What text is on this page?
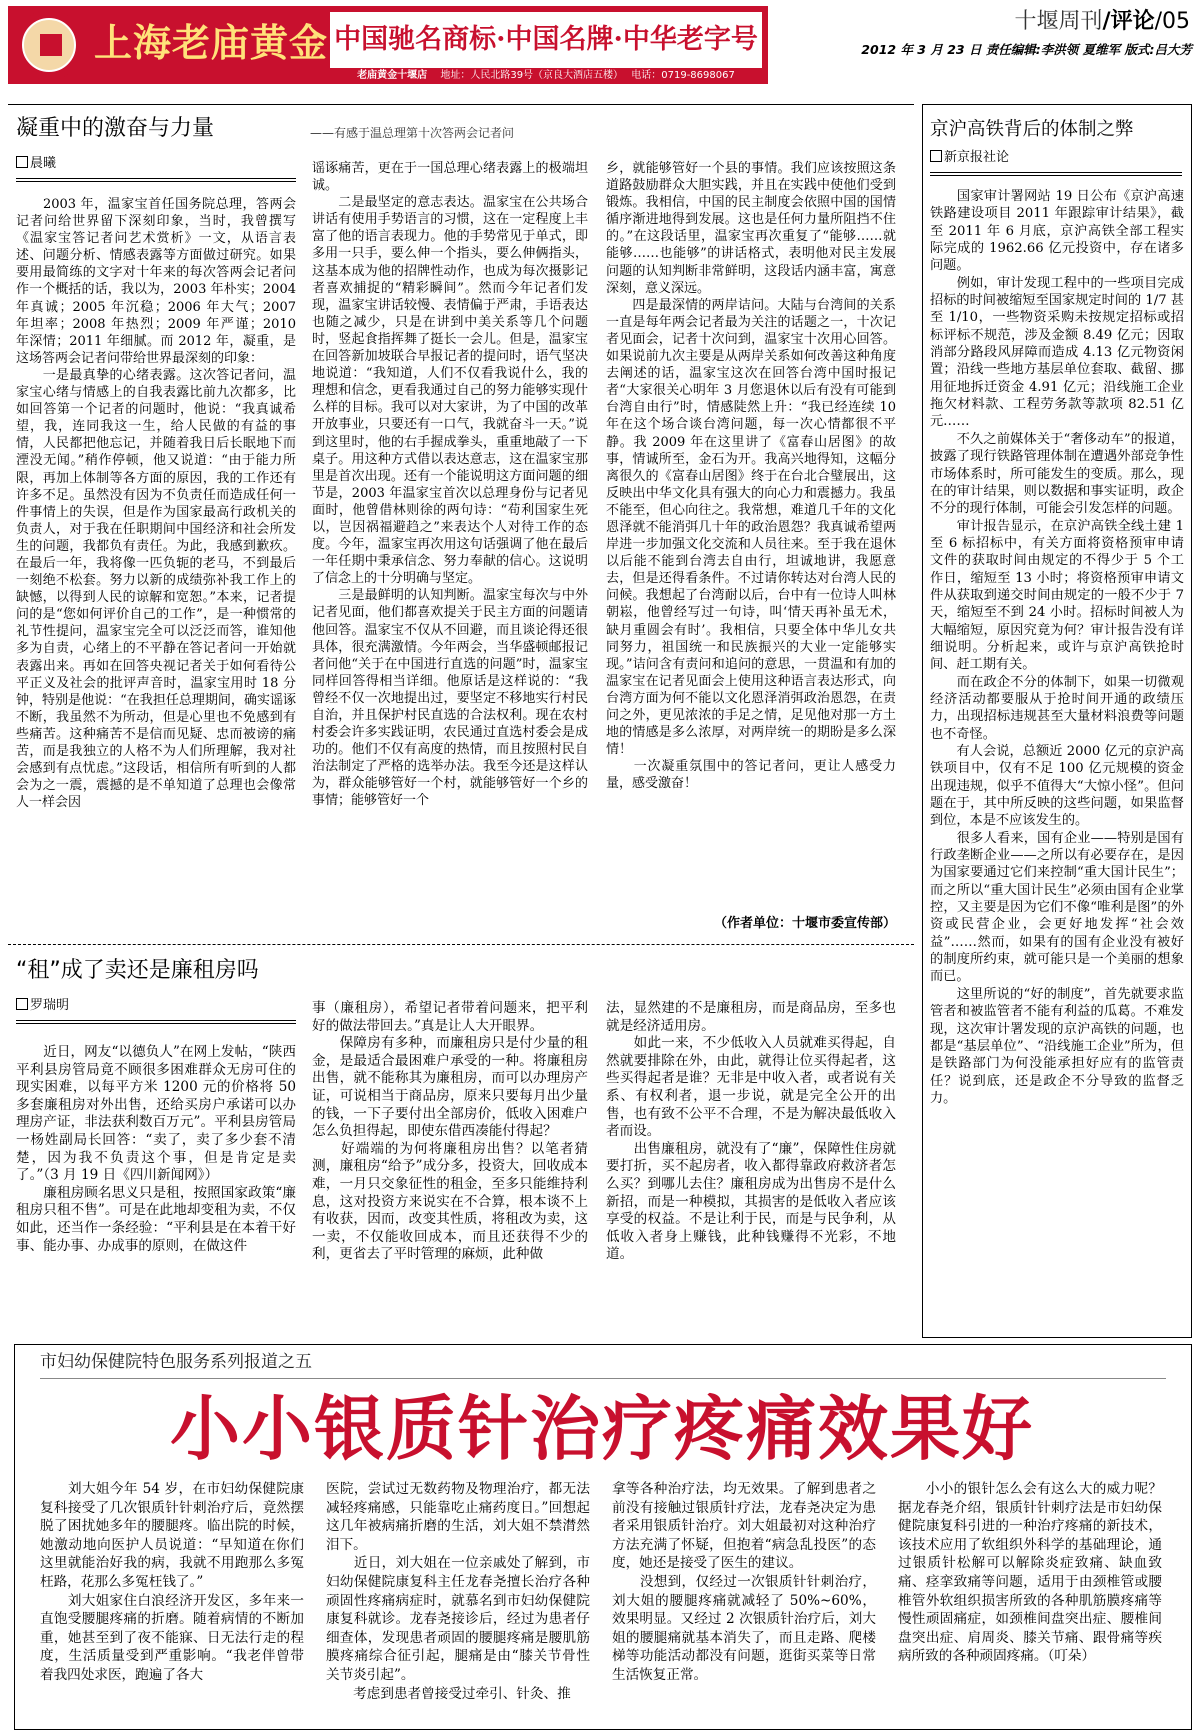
上海老庙黄金 中国驰名商标·中国名牌·中华老字号
老庙黄金十堰店　 地址：人民北路39号（京良大酒店五楼）　 电话：0719-8698067
十堰周刊/评论/05
2012 年 3 月 23 日 责任编辑:李洪领 夏维军 版式:吕大芳
凝重中的激奋与力量	——有感于温总理第十次答两会记者问
晨曦
　　2003 年，温家宝首任国务院总理，答两会记者问给世界留下深刻印象，当时，我曾撰写《温家宝答记者问艺术赏析》一文，从语言表述、问题分析、情感表露等方面做过研究。如果要用最简练的文字对十年来的每次答两会记者问作一个概括的话，我以为，2003 年朴实；2004 年真诚；2005 年沉稳；2006 年大气；2007 年坦率；2008 年热烈；2009 年严谨；2010 年深情；2011 年细腻。而 2012 年，凝重，是这场答两会记者问带给世界最深刻的印象：
　　一是最真挚的心绪表露。这次答记者问，温家宝心绪与情感上的自我表露比前九次都多，比如回答第一个记者的问题时，他说：“我真诚希望，我，连同我这一生，给人民做的有益的事情，人民都把他忘记，并随着我日后长眠地下而湮没无闻。”稍作停顿，他又说道：“由于能力所限，再加上体制等各方面的原因，我的工作还有许多不足。虽然没有因为不负责任而造成任何一件事情上的失误，但是作为国家最高行政机关的负责人，对于我在任职期间中国经济和社会所发生的问题，我都负有责任。为此，我感到歉疚。在最后一年，我将像一匹负轭的老马，不到最后一刻绝不松套。努力以新的成绩弥补我工作上的缺憾，以得到人民的谅解和宽恕。”本来，记者提问的是“您如何评价自己的工作”，是一种惯常的礼节性提问，温家宝完全可以泛泛而答，谁知他多为自责，心绪上的不平静在答记者问一开始就表露出来。再如在回答央视记者关于如何看待公平正义及社会的批评声音时，温家宝用时 18 分钟，特别是他说：“在我担任总理期间，确实谣诼不断，我虽然不为所动，但是心里也不免感到有些痛苦。这种痛苦不是信而见疑、忠而被谤的痛苦，而是我独立的人格不为人们所理解，我对社会感到有点忧虑。”这段话，相信所有听到的人都会为之一震，震撼的是不单知道了总理也会像常人一样会因
谣诼痛苦，更在于一国总理心绪表露上的极端坦诚。
　　二是最坚定的意志表达。温家宝在公共场合讲话有使用手势语言的习惯，这在一定程度上丰富了他的语言表现力。他的手势常见于单式，即多用一只手，要么伸一个指头，要么伸俩指头，这基本成为他的招牌性动作，也成为每次摄影记者喜欢捕捉的“精彩瞬间”。然而今年记者们发现，温家宝讲话较慢、表情偏于严肃，手语表达也随之减少，只是在讲到中美关系等几个问题时，竖起食指挥舞了挺长一会儿。但是，温家宝在回答新加坡联合早报记者的提问时，语气坚决地说道：“我知道，人们不仅看我说什么，我的理想和信念，更看我通过自己的努力能够实现什么样的目标。我可以对大家讲，为了中国的改革开放事业，只要还有一口气，我就奋斗一天。”说到这里时，他的右手握成拳头，重重地敲了一下桌子。用这种方式借以表达意志，这在温家宝那里是首次出现。还有一个能说明这方面问题的细节是，2003 年温家宝首次以总理身份与记者见面时，他曾借林则徐的两句诗：“苟利国家生死以，岂因祸福避趋之”来表达个人对待工作的态度。今年，温家宝再次用这句话强调了他在最后一年任期中秉承信念、努力奉献的信心。这说明了信念上的十分明确与坚定。
　　三是最鲜明的认知判断。温家宝每次与中外记者见面，他们都喜欢提关于民主方面的问题请他回答。温家宝不仅从不回避，而且谈论得还很具体，很充满激情。今年两会，当华盛顿邮报记者问他“关于在中国进行直选的问题”时，温家宝同样回答得相当详细。他原话是这样说的：“我曾经不仅一次地提出过，要坚定不移地实行村民自治，并且保护村民直选的合法权利。现在农村村委会许多实践证明，农民通过直选村委会是成功的。他们不仅有高度的热情，而且按照村民自治法制定了严格的选举办法。我至今还是这样认为，群众能够管好一个村，就能够管好一个乡的事情；能够管好一个
乡，就能够管好一个县的事情。我们应该按照这条道路鼓励群众大胆实践，并且在实践中使他们受到锻炼。我相信，中国的民主制度会依照中国的国情循序渐进地得到发展。这也是任何力量所阻挡不住的。”在这段话里，温家宝再次重复了“能够……就能够……也能够”的讲话格式，表明他对民主发展问题的认知判断非常鲜明，这段话内涵丰富，寓意深刻，意义深远。
　　四是最深情的两岸诘问。大陆与台湾间的关系一直是每年两会记者最为关注的话题之一，十次记者见面会，记者十次问到，温家宝十次用心回答。如果说前九次主要是从两岸关系如何改善这种角度去阐述的话，温家宝这次在回答台湾中国时报记者“大家很关心明年 3 月您退休以后有没有可能到台湾自由行”时，情感陡然上升：“我已经连续 10 年在这个场合谈台湾问题，每一次心情都很不平静。我 2009 年在这里讲了《富春山居图》的故事，情诚所至，金石为开。我高兴地得知，这幅分离很久的《富春山居图》终于在台北合璧展出，这反映出中华文化具有强大的向心力和震撼力。我虽不能至，但心向往之。我常想，难道几千年的文化恩泽就不能消弭几十年的政治恩怨？我真诚希望两岸进一步加强文化交流和人员往来。至于我在退休以后能不能到台湾去自由行，坦诚地讲，我愿意去，但是还得看条件。不过请你转达对台湾人民的问候。我想起了台湾耐以后，台中有一位诗人叫林朝崧，他曾经写过一句诗，叫‘情天再补虽无术，缺月重圆会有时’。我相信，只要全体中华儿女共同努力，祖国统一和民族振兴的大业一定能够实现。”诘问含有责问和追问的意思，一贯温和有加的温家宝在记者见面会上使用这种语言表达形式，向台湾方面为何不能以文化恩泽消弭政治恩怨，在责问之外，更见浓浓的手足之情，足见他对那一方土地的情感是多么浓厚，对两岸统一的期盼是多么深情！
　　一次凝重氛围中的答记者问，更让人感受力量，感受激奋！
（作者单位：十堰市委宣传部）
“租”成了卖还是廉租房吗
罗瑞明
　　近日，网友“以德负人”在网上发帖，“陕西平利县房管局竟不顾很多困难群众无房可住的现实困难，以每平方米 1200 元的价格将 50 多套廉租房对外出售，还给买房户承诺可以办理房产证，非法获利数百万元”。平利县房管局一杨姓副局长回答：“卖了，卖了多少套不清楚，因为我不负责这个事，但是肯定是卖了。”（3 月 19 日《四川新闻网》）
　　廉租房顾名思义只是租，按照国家政策“廉租房只租不售”。可是在此地却变租为卖，不仅如此，还当作一条经验：“平利县是在本着干好事、能办事、办成事的原则，在做这件
事（廉租房），希望记者带着问题来，把平利好的做法带回去。”真是让人大开眼界。
　　保障房有多种，而廉租房只是付少量的租金，是最适合最困难户承受的一种。将廉租房出售，就不能称其为廉租房，而可以办理房产证，可说相当于商品房，原来只要每月出少量的钱，一下子要付出全部房价，低收入困难户怎么负担得起，即使东借西凑能付得起？
　　好端端的为何将廉租房出售？以笔者猜测，廉租房“给予”成分多，投资大，回收成本难，一月只交象征性的租金，至多只能维持利息，这对投资方来说实在不合算，根本谈不上有收获，因而，改变其性质，将租改为卖，这一卖，不仅能收回成本，而且还获得不少的利，更省去了平时管理的麻烦，此种做
法，显然建的不是廉租房，而是商品房，至多也就是经济适用房。
　　如此一来，不少低收入人员就难买得起，自然就要排除在外，由此，就得让位买得起者，这些买得起者是谁？无非是中收入者，或者说有关系、有权利者，退一步说，就是完全公开的出售，也有致不公平不合理，不是为解决最低收入者而设。
　　出售廉租房，就没有了“廉”，保障性住房就要打折，买不起房者，收入都得靠政府救济者怎么买？到哪儿去住？廉租房成为出售房不是什么新招，而是一种模拟，其损害的是低收入者应该享受的权益。不是让利于民，而是与民争利，从低收入者身上赚钱，此种钱赚得不光彩，不地道。
京沪高铁背后的体制之弊
新京报社论
　　国家审计署网站 19 日公布《京沪高速铁路建设项目 2011 年跟踪审计结果》，截至 2011 年 6 月底，京沪高铁全部工程实际完成的 1962.66 亿元投资中，存在诸多问题。
　　例如，审计发现工程中的一些项目完成招标的时间被缩短至国家规定时间的 1/7 甚至 1/10，一些物资采购未按规定招标或招标评标不规范，涉及金额 8.49 亿元；因取消部分路段风屏障而造成 4.13 亿元物资闲置；沿线一些地方基层单位套取、截留、挪用征地拆迁资金 4.91 亿元；沿线施工企业拖欠材料款、工程劳务款等款项 82.51 亿元……
　　不久之前媒体关于“奢侈动车”的报道，披露了现行铁路管理体制在遭遇外部竞争性市场体系时，所可能发生的变质。那么，现在的审计结果，则以数据和事实证明，政企不分的现行体制，可能会引发怎样的问题。
　　审计报告显示，在京沪高铁全线土建 1 至 6 标招标中，有关方面将资格预审申请文件的获取时间由规定的不得少于 5 个工作日，缩短至 13 小时；将资格预审申请文件从获取到递交时间由规定的一般不少于 7 天，缩短至不到 24 小时。招标时间被人为大幅缩短，原因究竟为何？审计报告没有详细说明。分析起来，或许与京沪高铁抢时间、赶工期有关。
　　而在政企不分的体制下，如果一切微观经济活动都要服从于抢时间开通的政绩压力，出现招标违规甚至大量材料浪费等问题也不奇怪。
　　有人会说，总额近 2000 亿元的京沪高铁项目中，仅有不足 100 亿元规模的资金出现违规，似乎不值得大“大惊小怪”。但问题在于，其中所反映的这些问题，如果监督到位，本是不应该发生的。
　　很多人看来，国有企业——特别是国有行政垄断企业——之所以有必要存在，是因为国家要通过它们来控制“重大国计民生”；而之所以“重大国计民生”必须由国有企业掌控，又主要是因为它们不像“唯利是图”的外资或民营企业，会更好地发挥“社会效益”……然而，如果有的国有企业没有被好的制度所约束，就可能只是一个美丽的想象而已。
　　这里所说的“好的制度”，首先就要求监管者和被监管者不能有利益的瓜葛。不难发现，这次审计署发现的京沪高铁的问题，也都是“基层单位”、“沿线施工企业”所为，但是铁路部门为何没能承担好应有的监管责任？说到底，还是政企不分导致的监督乏力。
市妇幼保健院特色服务系列报道之五
小小银质针治疗疼痛效果好
　　刘大姐今年 54 岁，在市妇幼保健院康复科接受了几次银质针针刺治疗后，竟然摆脱了困扰她多年的腰腿疼。临出院的时候，她激动地向医护人员说道：“早知道在你们这里就能治好我的病，我就不用跑那么多冤枉路，花那么多冤枉钱了。”
　　刘大姐家住白浪经济开发区，多年来一直饱受腰腿疼痛的折磨。随着病情的不断加重，她甚至到了夜不能寐、日无法行走的程度，生活质量受到严重影响。“我老伴曾带着我四处求医，跑遍了各大
医院，尝试过无数药物及物理治疗，都无法减轻疼痛感，只能靠吃止痛药度日。”回想起这几年被病痛折磨的生活，刘大姐不禁潸然泪下。
　　近日，刘大姐在一位亲戚处了解到，市妇幼保健院康复科主任龙春尧擅长治疗各种顽固性疼痛病症时，就慕名到市妇幼保健院康复科就诊。龙春尧接诊后，经过为患者仔细查体，发现患者顽固的腰腿疼痛是腰肌筋膜疼痛综合征引起，腿痛是由“膝关节骨性关节炎引起”。
　　考虑到患者曾接受过牵引、针灸、推
拿等各种治疗法，均无效果。了解到患者之前没有接触过银质针疗法，龙春尧决定为患者采用银质针治疗。刘大姐最初对这种治疗方法充满了怀疑，但抱着“病急乱投医”的态度，她还是接受了医生的建议。
　　没想到，仅经过一次银质针针刺治疗，刘大姐的腰腿疼痛就减轻了 50%~60%，效果明显。又经过 2 次银质针治疗后，刘大姐的腰腿痛就基本消失了，而且走路、爬楼梯等功能活动都没有问题，逛街买菜等日常生活恢复正常。
　　小小的银针怎么会有这么大的威力呢？据龙春尧介绍，银质针针刺疗法是市妇幼保健院康复科引进的一种治疗疼痛的新技术，该技术应用了软组织外科学的基础理论，通过银质针松解可以解除炎症致痛、缺血致痛、痉挛致痛等问题，适用于由颈椎管或腰椎管外软组织损害所致的各种肌筋膜疼痛等慢性顽固痛症，如颈椎间盘突出症、腰椎间盘突出症、肩周炎、膝关节痛、跟骨痛等疾病所致的各种顽固疼痛。（叮朵）
